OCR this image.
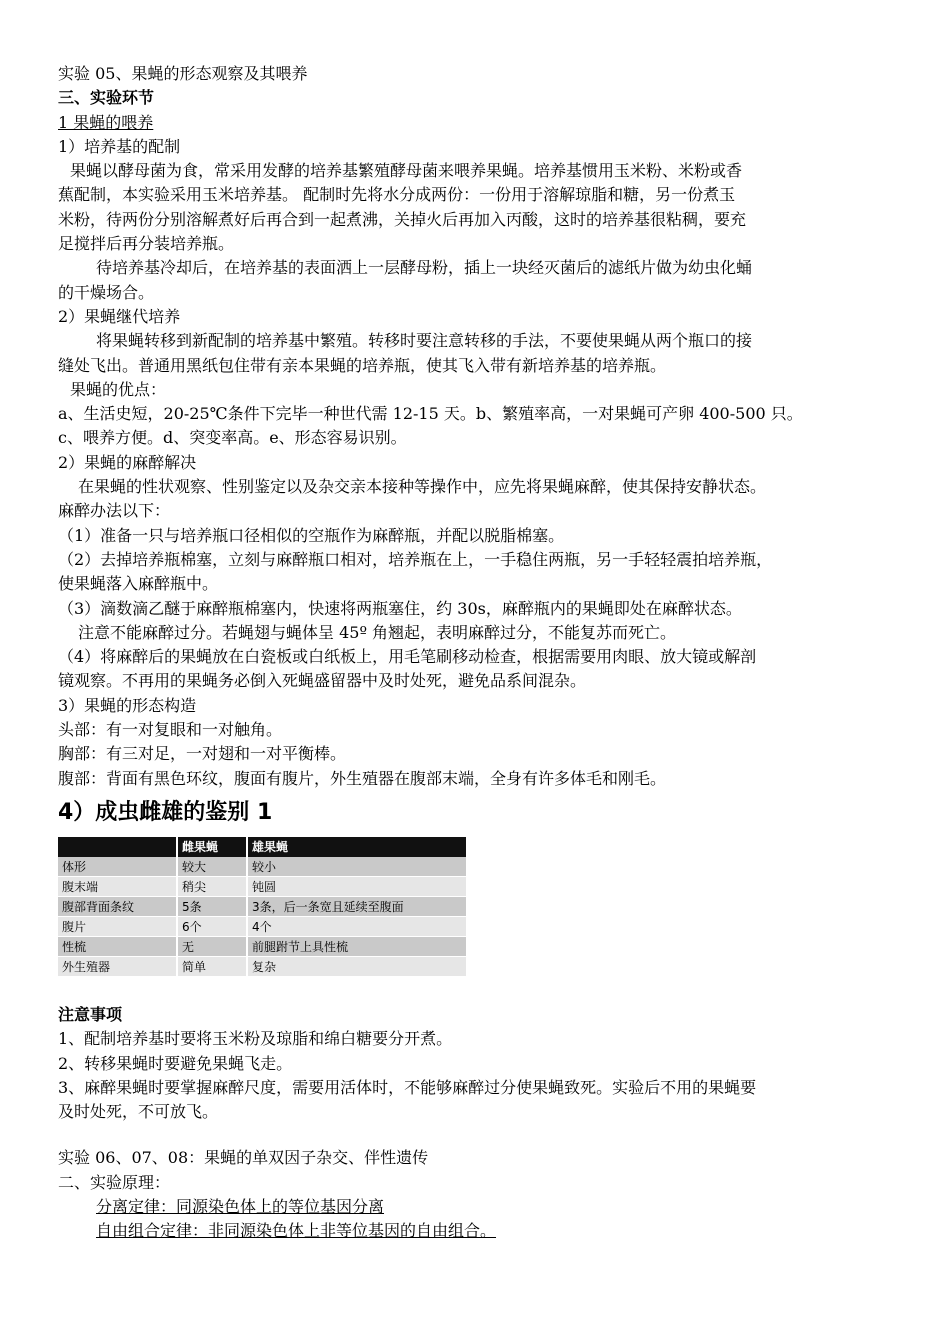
实验 05、果蝇的形态观察及其喂养
三、实验环节
1 果蝇的喂养
1）培养基的配制
果蝇以酵母菌为食，常采用发酵的培养基繁殖酵母菌来喂养果蝇。培养基惯用玉米粉、米粉或香
蕉配制，本实验采用玉米培养基。 配制时先将水分成两份：一份用于溶解琼脂和糖，另一份煮玉
米粉，待两份分别溶解煮好后再合到一起煮沸，关掉火后再加入丙酸，这时的培养基很粘稠，要充
足搅拌后再分装培养瓶。
待培养基冷却后，在培养基的表面洒上一层酵母粉，插上一块经灭菌后的滤纸片做为幼虫化蛹
的干燥场合。
2）果蝇继代培养
将果蝇转移到新配制的培养基中繁殖。转移时要注意转移的手法，不要使果蝇从两个瓶口的接
缝处飞出。普通用黑纸包住带有亲本果蝇的培养瓶，使其飞入带有新培养基的培养瓶。
果蝇的优点：
a、生活史短，20-25℃条件下完毕一种世代需 12-15 天。b、繁殖率高，一对果蝇可产卵 400-500 只。
c、喂养方便。d、突变率高。e、形态容易识别。
2）果蝇的麻醉解决
在果蝇的性状观察、性别鉴定以及杂交亲本接种等操作中，应先将果蝇麻醉，使其保持安静状态。
麻醉办法以下：
（1）准备一只与培养瓶口径相似的空瓶作为麻醉瓶，并配以脱脂棉塞。
（2）去掉培养瓶棉塞，立刻与麻醉瓶口相对，培养瓶在上，一手稳住两瓶，另一手轻轻震拍培养瓶，
使果蝇落入麻醉瓶中。
（3）滴数滴乙醚于麻醉瓶棉塞内，快速将两瓶塞住，约 30s，麻醉瓶内的果蝇即处在麻醉状态。
注意不能麻醉过分。若蝇翅与蝇体呈 45º 角翘起，表明麻醉过分，不能复苏而死亡。
（4）将麻醉后的果蝇放在白瓷板或白纸板上，用毛笔刷移动检查，根据需要用肉眼、放大镜或解剖
镜观察。不再用的果蝇务必倒入死蝇盛留器中及时处死，避免品系间混杂。
3）果蝇的形态构造
头部：有一对复眼和一对触角。
胸部：有三对足，一对翅和一对平衡棒。
腹部：背面有黑色环纹，腹面有腹片，外生殖器在腹部末端，全身有许多体毛和刚毛。
4）成虫雌雄的鉴别 1
	雌果蝇	雄果蝇
体形	较大	较小
腹末端	稍尖	钝圆
腹部背面条纹	5条	3条，后一条宽且延续至腹面
腹片	6个	4个
性梳	无	前腿跗节上具性梳
外生殖器	简单	复杂
注意事项
1、配制培养基时要将玉米粉及琼脂和绵白糖要分开煮。
2、转移果蝇时要避免果蝇飞走。
3、麻醉果蝇时要掌握麻醉尺度，需要用活体时，不能够麻醉过分使果蝇致死。实验后不用的果蝇要
及时处死，不可放飞。
实验 06、07、08：果蝇的单双因子杂交、伴性遗传
二、实验原理：
分离定律：同源染色体上的等位基因分离
自由组合定律：非同源染色体上非等位基因的自由组合。
